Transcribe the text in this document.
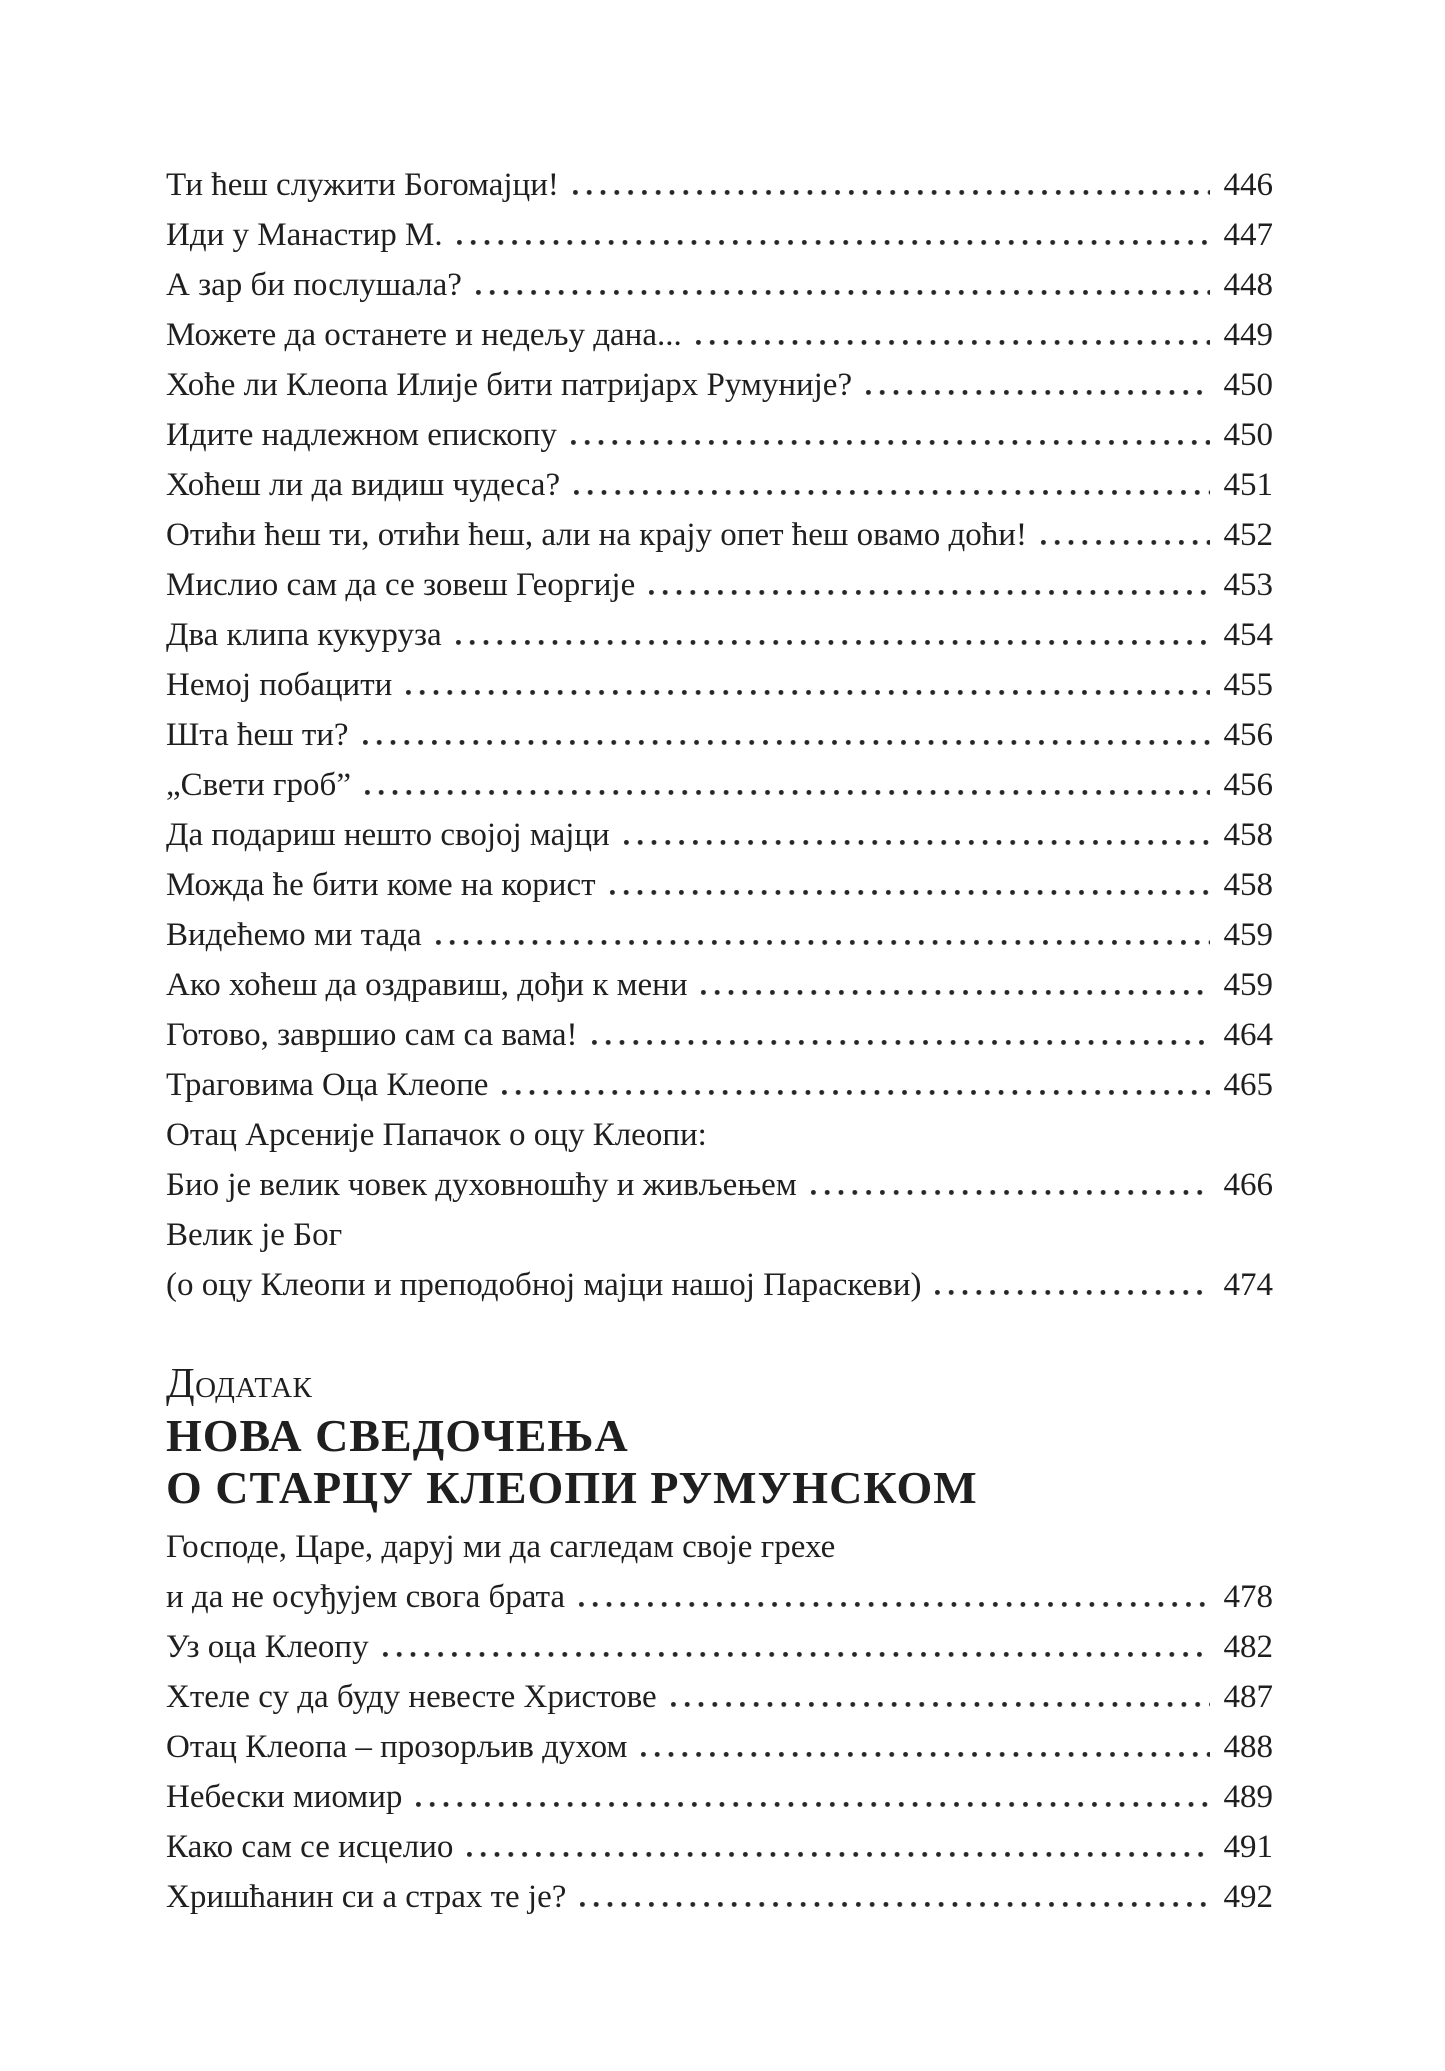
Ти ћеш служити Богомајци!	446
Иди у Манастир М.	447
А зар би послушала?	448
Можете да останете и недељу дана...	449
Хоће ли Клеопа Илије бити патријарх Румуније?	450
Идите надлежном епископу	450
Хоћеш ли да видиш чудеса?	451
Отићи ћеш ти, отићи ћеш, али на крају опет ћеш овамо доћи!	452
Мислио сам да се зовеш Георгије	453
Два клипа кукуруза	454
Немој побацити	455
Шта ћеш ти?	456
„Свети гроб”	456
Да подариш нешто својој мајци	458
Можда ће бити коме на корист	458
Видећемо ми тада	459
Ако хоћеш да оздравиш, дођи к мени	459
Готово, завршио сам са вама!	464
Траговима Оца Клеопе	465
Отац Арсеније Папачок о оцу Клеопи:
Био је велик човек духовношћу и живљењем	466
Велик је Бог
(о оцу Клеопи и преподобној мајци нашој Параскеви)	474
Додатак
НОВА СВЕДОЧЕЊА
О СТАРЦУ КЛЕОПИ РУМУНСКОМ
Господе, Царе, даруј ми да сагледам своје грехе
и да не осуђујем свога брата	478
Уз оца Клеопу	482
Хтеле су да буду невесте Христове	487
Отац Клеопа – прозорљив духом	488
Небески миомир	489
Како сам се исцелио	491
Хришћанин си а страх те је?	492
